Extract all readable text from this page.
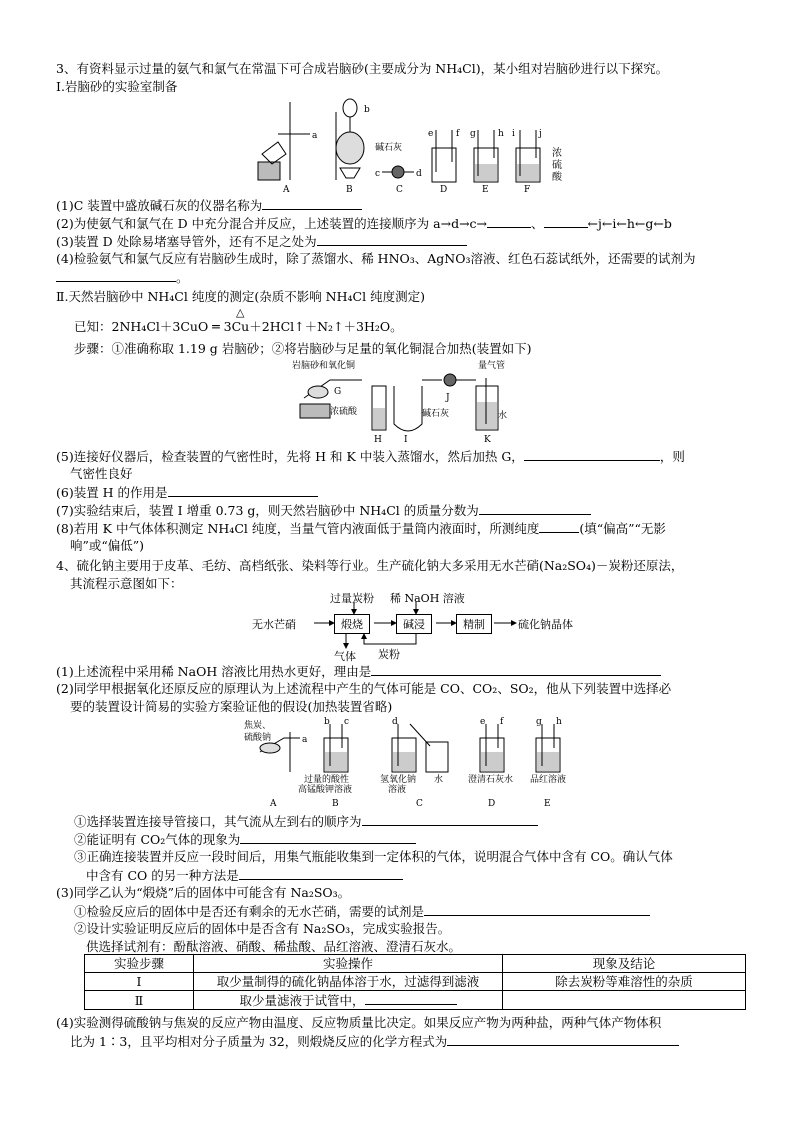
3、有资料显示过量的氨气和氯气在常温下可合成岩脑砂(主要成分为 NH₄Cl)，某小组对岩脑砂进行以下探究。
Ⅰ.岩脑砂的实验室制备
a
A
b
B
碱石灰
c	d
C
e	f
D
g h
E
i	j
F
浓硫酸
(1)C 装置中盛放碱石灰的仪器名称为
(2)为使氨气和氯气在 D 中充分混合并反应，上述装置的连接顺序为 a→d→c→	、	←j←i←h←g←b
(3)装置 D 处除易堵塞导管外，还有不足之处为
(4)检验氨气和氯气反应有岩脑砂生成时，除了蒸馏水、稀 HNO₃、AgNO₃溶液、红色石蕊试纸外，还需要的试剂为。
Ⅱ.天然岩脑砂中 NH₄Cl 纯度的测定(杂质不影响 NH₄Cl 纯度测定)
已知：2NH₄Cl＋3CuO ═ 3Cu＋2HCl↑＋N₂↑＋3H₂O。
△
步骤：①准确称取 1.19 g 岩脑砂；②将岩脑砂与足量的氧化铜混合加热(装置如下)
岩脑砂和氧化铜
G
浓硫酸
H I
碱石灰
J
量气管
水
K
(5)连接好仪器后，检查装置的气密性时，先将 H 和 K 中装入蒸馏水，然后加热 G，	，则
气密性良好
(6)装置 H 的作用是
(7)实验结束后，装置 I 增重 0.73 g，则天然岩脑砂中 NH₄Cl 的质量分数为
(8)若用 K 中气体体积测定 NH₄Cl 纯度，当量气管内液面低于量筒内液面时，所测纯度	(填“偏高”“无影
响”或“偏低”)
4、硫化钠主要用于皮革、毛纺、高档纸张、染料等行业。生产硫化钠大多采用无水芒硝(Na₂SO₄)－炭粉还原法，
其流程示意图如下：
煅烧	碱浸	精制
无水芒硝	硫化钠晶体
过量炭粉 稀 NaOH 溶液
气体 炭粉
(1)上述流程中采用稀 NaOH 溶液比用热水更好，理由是
(2)同学甲根据氧化还原反应的原理认为上述流程中产生的气体可能是 CO、CO₂、SO₂，他从下列装置中选择必
要的装置设计简易的实验方案验证他的假设(加热装置省略)
焦炭、
硫酸钠	a
A
b c
过量的酸性
高锰酸钾溶液
B
d
氢氧化钠
溶液
水
C
e f
澄清石灰水
D
g h
品红溶液
E
①选择装置连接导管接口，其气流从左到右的顺序为
②能证明有 CO₂气体的现象为
③正确连接装置并反应一段时间后，用集气瓶能收集到一定体积的气体，说明混合气体中含有 CO。确认气体
中含有 CO 的另一种方法是
(3)同学乙认为“煅烧”后的固体中可能含有 Na₂SO₃。
①检验反应后的固体中是否还有剩余的无水芒硝，需要的试剂是
②设计实验证明反应后的固体中是否含有 Na₂SO₃，完成实验报告。
供选择试剂有：酚酞溶液、硝酸、稀盐酸、品红溶液、澄清石灰水。
实验步骤	实验操作	现象及结论
Ⅰ	取少量制得的硫化钠晶体溶于水，过滤得到滤液	除去炭粉等难溶性的杂质
Ⅱ	取少量滤液于试管中，	
(4)实验测得硫酸钠与焦炭的反应产物由温度、反应物质量比决定。如果反应产物为两种盐，两种气体产物体积
比为 1∶3，且平均相对分子质量为 32，则煅烧反应的化学方程式为
